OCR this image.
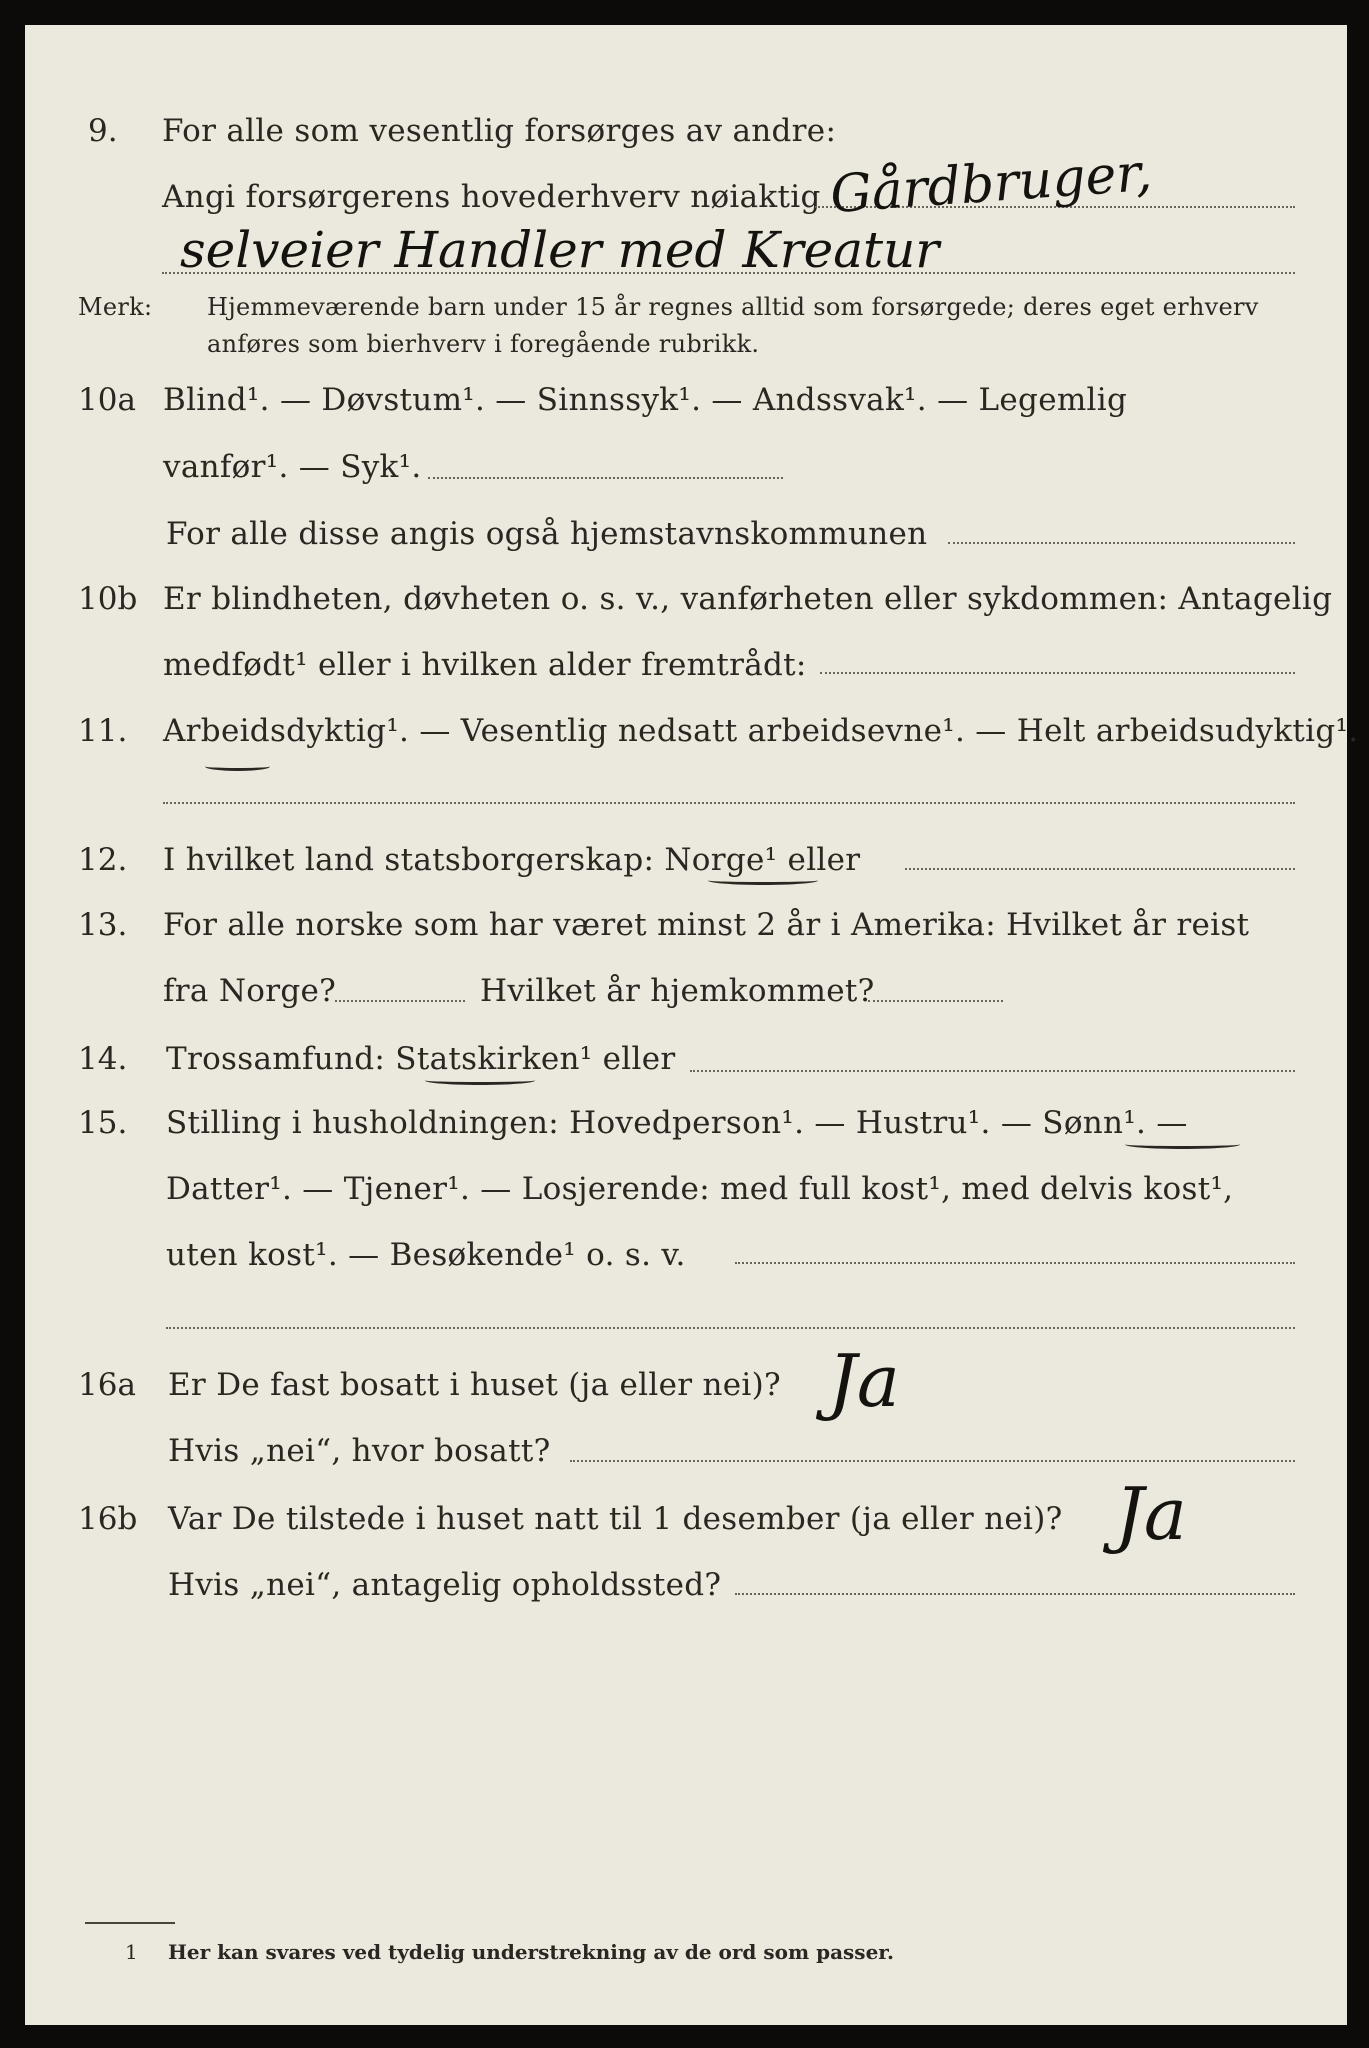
9. For alle som vesentlig forsørges av andre:
Angi forsørgerens hovederhverv nøiaktig Gårdbruger,
selveier Handler med Kreatur
Merk: Hjemmeværende barn under 15 år regnes alltid som forsørgede; deres eget erhverv
anføres som bierhverv i foregående rubrikk.
10a Blind¹. — Døvstum¹. — Sinnssyk¹. — Andssvak¹. — Legemlig
vanfør¹. — Syk¹.
For alle disse angis også hjemstavnskommunen
10b Er blindheten, døvheten o. s. v., vanførheten eller sykdommen: Antagelig
medfødt¹ eller i hvilken alder fremtrådt:
11. Arbeidsdyktig¹. — Vesentlig nedsatt arbeidsevne¹. — Helt arbeidsudyktig¹.
12. I hvilket land statsborgerskap: Norge¹ eller
13. For alle norske som har været minst 2 år i Amerika: Hvilket år reist
fra Norge?	Hvilket år hjemkommet?
14. Trossamfund: Statskirken¹ eller
15. Stilling i husholdningen: Hovedperson¹. — Hustru¹. — Sønn¹. —
Datter¹. — Tjener¹. — Losjerende: med full kost¹, med delvis kost¹,
uten kost¹. — Besøkende¹ o. s. v.
16a Er De fast bosatt i huset (ja eller nei)? Ja
Hvis „nei“, hvor bosatt?
16b Var De tilstede i huset natt til 1 desember (ja eller nei)? Ja
Hvis „nei“, antagelig opholdssted?
1 Her kan svares ved tydelig understrekning av de ord som passer.
